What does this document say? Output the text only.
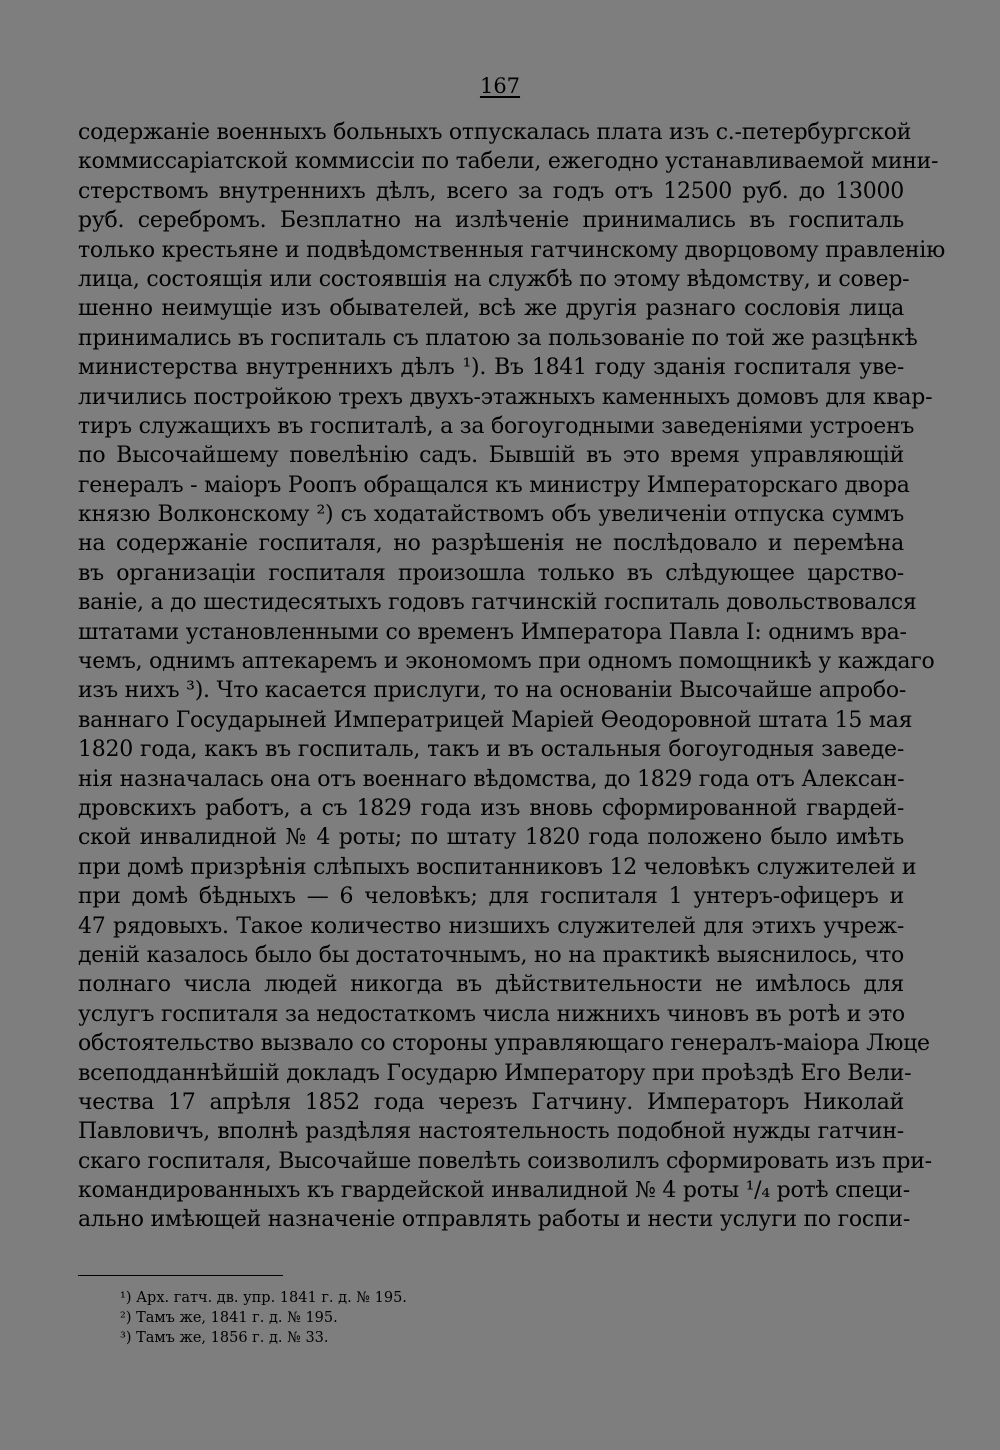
167
содержаніе военныхъ больныхъ отпускалась плата изъ с.-петербургской
коммиссаріатской коммиссіи по табели, ежегодно устанавливаемой мини-
стерствомъ внутреннихъ дѣлъ, всего за годъ отъ 12500 руб. до 13000
руб. серебромъ. Безплатно на излѣченіе принимались въ госпиталь
только крестьяне и подвѣдомственныя гатчинскому дворцовому правленію
лица, состоящія или состоявшія на службѣ по этому вѣдомству, и совер-
шенно неимущіе изъ обывателей, всѣ же другія разнаго сословія лица
принимались въ госпиталь съ платою за пользованіе по той же разцѣнкѣ
министерства внутреннихъ дѣлъ ¹). Въ 1841 году зданія госпиталя уве-
личились постройкою трехъ двухъ-этажныхъ каменныхъ домовъ для квар-
тиръ служащихъ въ госпиталѣ, а за богоугодными заведеніями устроенъ
по Высочайшему повелѣнію садъ. Бывшій въ это время управляющій
генералъ - маіоръ Роопъ обращался къ министру Императорскаго двора
князю Волконскому ²) съ ходатайствомъ объ увеличеніи отпуска суммъ
на содержаніе госпиталя, но разрѣшенія не послѣдовало и перемѣна
въ организаціи госпиталя произошла только въ слѣдующее царство-
ваніе, а до шестидесятыхъ годовъ гатчинскій госпиталь довольствовался
штатами установленными со временъ Императора Павла I: однимъ вра-
чемъ, однимъ аптекаремъ и экономомъ при одномъ помощникѣ у каждаго
изъ нихъ ³). Что касается прислуги, то на основаніи Высочайше апробо-
ваннаго Государыней Императрицей Маріей Ѳеодоровной штата 15 мая
1820 года, какъ въ госпиталь, такъ и въ остальныя богоугодныя заведе-
нія назначалась она отъ военнаго вѣдомства, до 1829 года отъ Алексан-
дровскихъ работъ, а съ 1829 года изъ вновь сформированной гвардей-
ской инвалидной № 4 роты; по штату 1820 года положено было имѣть
при домѣ призрѣнія слѣпыхъ воспитанниковъ 12 человѣкъ служителей и
при домѣ бѣдныхъ — 6 человѣкъ; для госпиталя 1 унтеръ-офицеръ и
47 рядовыхъ. Такое количество низшихъ служителей для этихъ учреж-
деній казалось было бы достаточнымъ, но на практикѣ выяснилось, что
полнаго числа людей никогда въ дѣйствительности не имѣлось для
услугъ госпиталя за недостаткомъ числа нижнихъ чиновъ въ ротѣ и это
обстоятельство вызвало со стороны управляющаго генералъ-маіора Люце
всеподданнѣйшій докладъ Государю Императору при проѣздѣ Его Вели-
чества 17 апрѣля 1852 года черезъ Гатчину. Императоръ Николай
Павловичъ, вполнѣ раздѣляя настоятельность подобной нужды гатчин-
скаго госпиталя, Высочайше повелѣть соизволилъ сформировать изъ при-
командированныхъ къ гвардейской инвалидной № 4 роты ¹/₄ ротѣ специ-
ально имѣющей назначеніе отправлять работы и нести услуги по госпи-
¹) Арх. гатч. дв. упр. 1841 г. д. № 195.
²) Тамъ же, 1841 г. д. № 195.
³) Тамъ же, 1856 г. д. № 33.
